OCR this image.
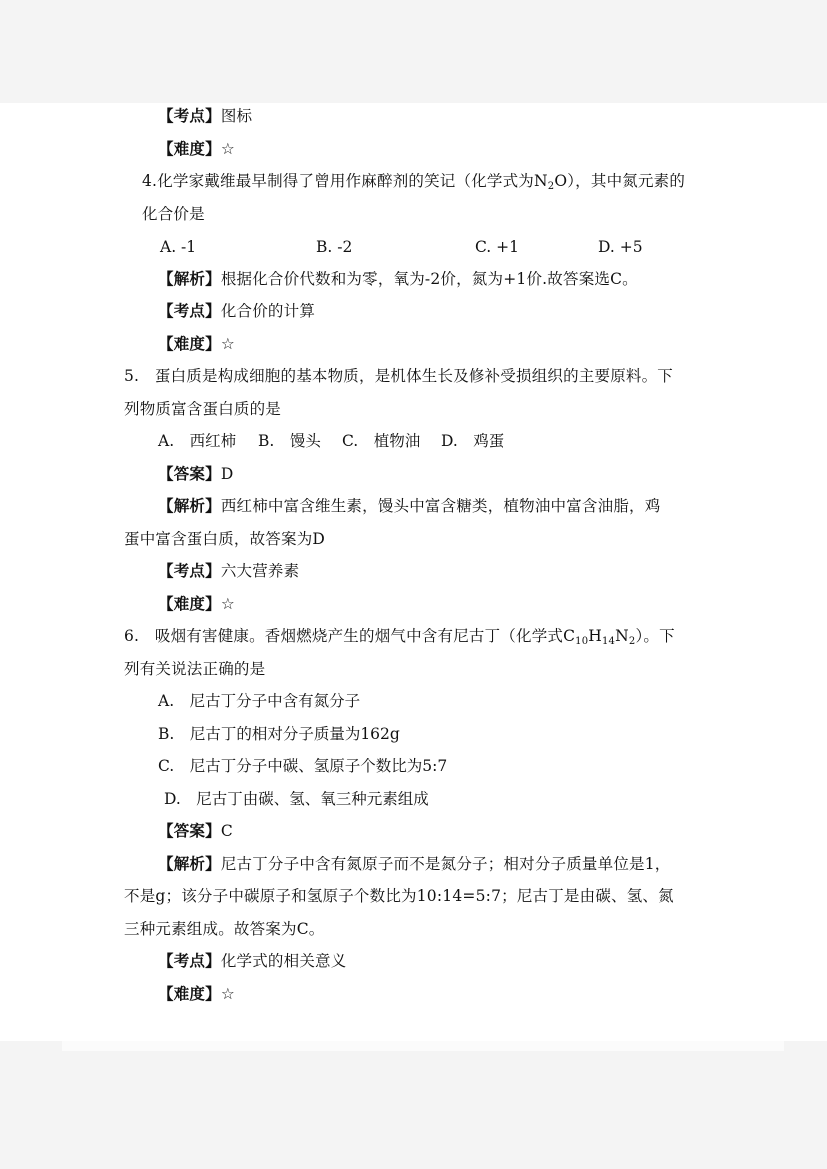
【考点】图标
【难度】☆
4.化学家戴维最早制得了曾用作麻醉剂的笑记（化学式为$N_2O$），其中氮元素的
化合价是
A. -1	B. -2	C. +1	D. +5
【解析】根据化合价代数和为零，氧为-2价，氮为+1价.故答案选C。
【考点】化合价的计算
【难度】☆
5.　蛋白质是构成细胞的基本物质，是机体生长及修补受损组织的主要原料。下
列物质富含蛋白质的是
A.　西红柿 B.　馒头 C.　植物油 D.　鸡蛋
【答案】D
【解析】西红柿中富含维生素，馒头中富含糖类，植物油中富含油脂，鸡
蛋中富含蛋白质，故答案为D
【考点】六大营养素
【难度】☆
6.　吸烟有害健康。香烟燃烧产生的烟气中含有尼古丁（化学式$C_{10}H_{14}N_2$）。下
列有关说法正确的是
A.　尼古丁分子中含有氮分子
B.　尼古丁的相对分子质量为162g
C.　尼古丁分子中碳、氢原子个数比为5:7
D.　尼古丁由碳、氢、氧三种元素组成
【答案】C
【解析】尼古丁分子中含有氮原子而不是氮分子；相对分子质量单位是1，
不是g；该分子中碳原子和氢原子个数比为10:14=5:7；尼古丁是由碳、氢、氮
三种元素组成。故答案为C。
【考点】化学式的相关意义
【难度】☆
